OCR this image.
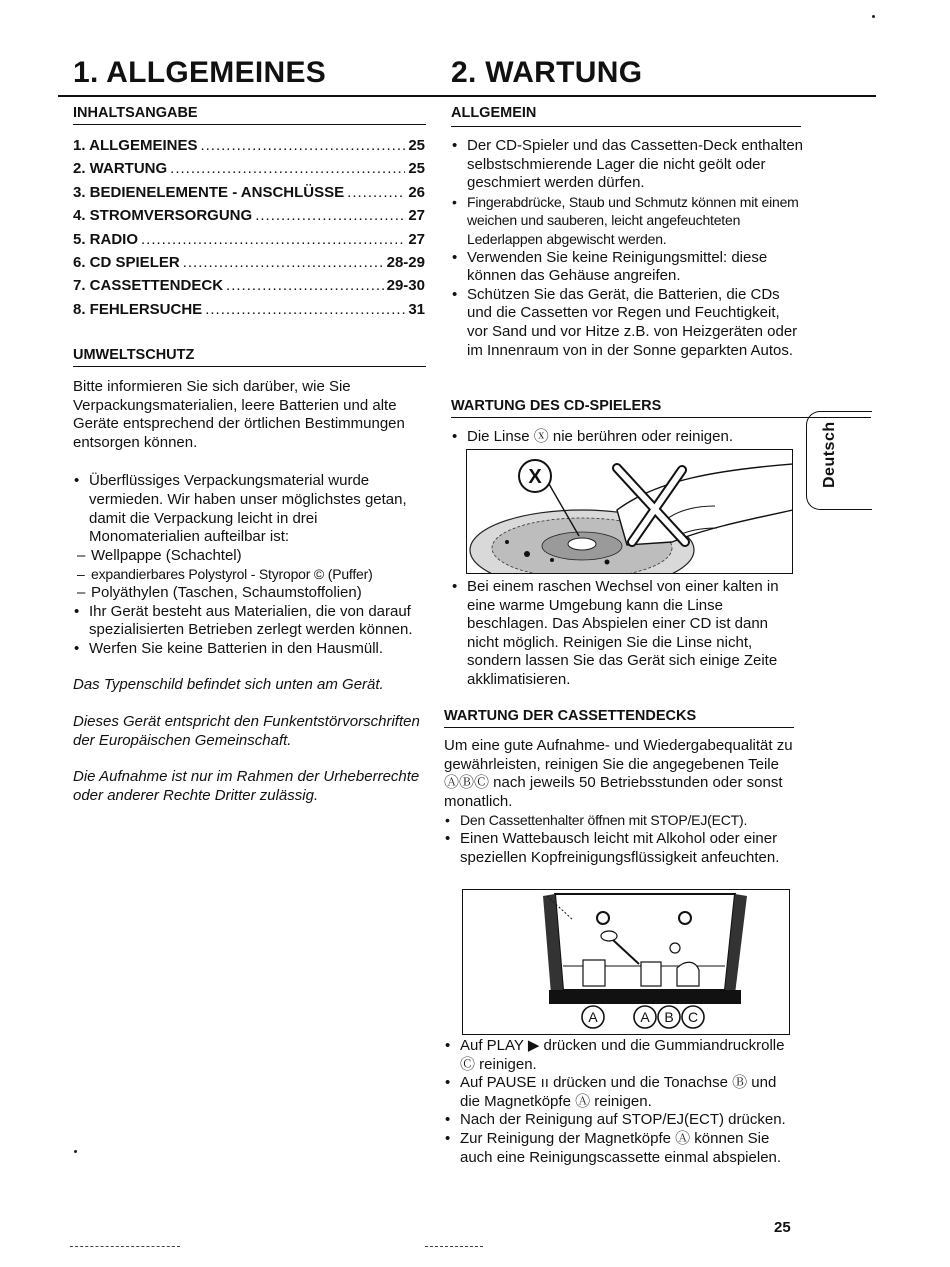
1. ALLGEMEINES	2. WARTUNG
INHALTSANGABE
1. ALLGEMEINES .....	25
2. WARTUNG .....	25
3. BEDIENELEMENTE - ANSCHLÜSSE .....	26
4. STROMVERSORGUNG .....	27
5. RADIO .....	27
6. CD SPIELER .....	28-29
7. CASSETTENDECK .....	29-30
8. FEHLERSUCHE .....	31
UMWELTSCHUTZ

Bitte informieren Sie sich darüber, wie Sie Verpackungsmaterialien, leere Batterien und alte Geräte entsprechend der örtlichen Bestimmungen entsorgen können.

• Überflüssiges Verpackungsmaterial wurde vermieden. Wir haben unser möglichstes getan, damit die Verpackung leicht in drei Monomaterialien aufteilbar ist:
– Wellpappe (Schachtel)
– expandierbares Polystyrol - Styropor © (Puffer)
– Polyäthylen (Taschen, Schaumstoffolien)
• Ihr Gerät besteht aus Materialien, die von darauf spezialisierten Betrieben zerlegt werden können.
• Werfen Sie keine Batterien in den Hausmüll.

Das Typenschild befindet sich unten am Gerät.

Dieses Gerät entspricht den Funkentstörvorschriften der Europäischen Gemeinschaft.

Die Aufnahme ist nur im Rahmen der Urheberrechte oder anderer Rechte Dritter zulässig.

ALLGEMEIN
• Der CD-Spieler und das Cassetten-Deck enthalten selbstschmierende Lager die nicht geölt oder geschmiert werden dürfen.
• Fingerabdrücke, Staub und Schmutz können mit einem weichen und sauberen, leicht angefeuchteten Lederlappen abgewischt werden.
• Verwenden Sie keine Reinigungsmittel: diese können das Gehäuse angreifen.
• Schützen Sie das Gerät, die Batterien, die CDs und die Cassetten vor Regen und Feuchtigkeit, vor Sand und vor Hitze z.B. von Heizgeräten oder im Innenraum von in der Sonne geparkten Autos.
WARTUNG DES CD-SPIELERS
• Die Linse ⓧ nie berühren oder reinigen.
X
• Bei einem raschen Wechsel von einer kalten in eine warme Umgebung kann die Linse beschlagen. Das Abspielen einer CD ist dann nicht möglich. Reinigen Sie die Linse nicht, sondern lassen Sie das Gerät sich einige Zeite akklimatisieren.
WARTUNG DER CASSETTENDECKS

Um eine gute Aufnahme- und Wiedergabequalität zu gewährleisten, reinigen Sie die angegebenen Teile ⒶⒷⒸ nach jeweils 50 Betriebsstunden oder sonst monatlich.

• Den Cassettenhalter öffnen mit STOP/EJ(ECT).
• Einen Wattebausch leicht mit Alkohol oder einer speziellen Kopfreinigungsflüssigkeit anfeuchten.
A	A B C
• Auf PLAY ▶ drücken und die Gummiandruckrolle Ⓒ reinigen.
• Auf PAUSE ıı drücken und die Tonachse Ⓑ und die Magnetköpfe Ⓐ reinigen.
• Nach der Reinigung auf STOP/EJ(ECT) drücken.
• Zur Reinigung der Magnetköpfe Ⓐ können Sie auch eine Reinigungscassette einmal abspielen.
Deutsch
25
